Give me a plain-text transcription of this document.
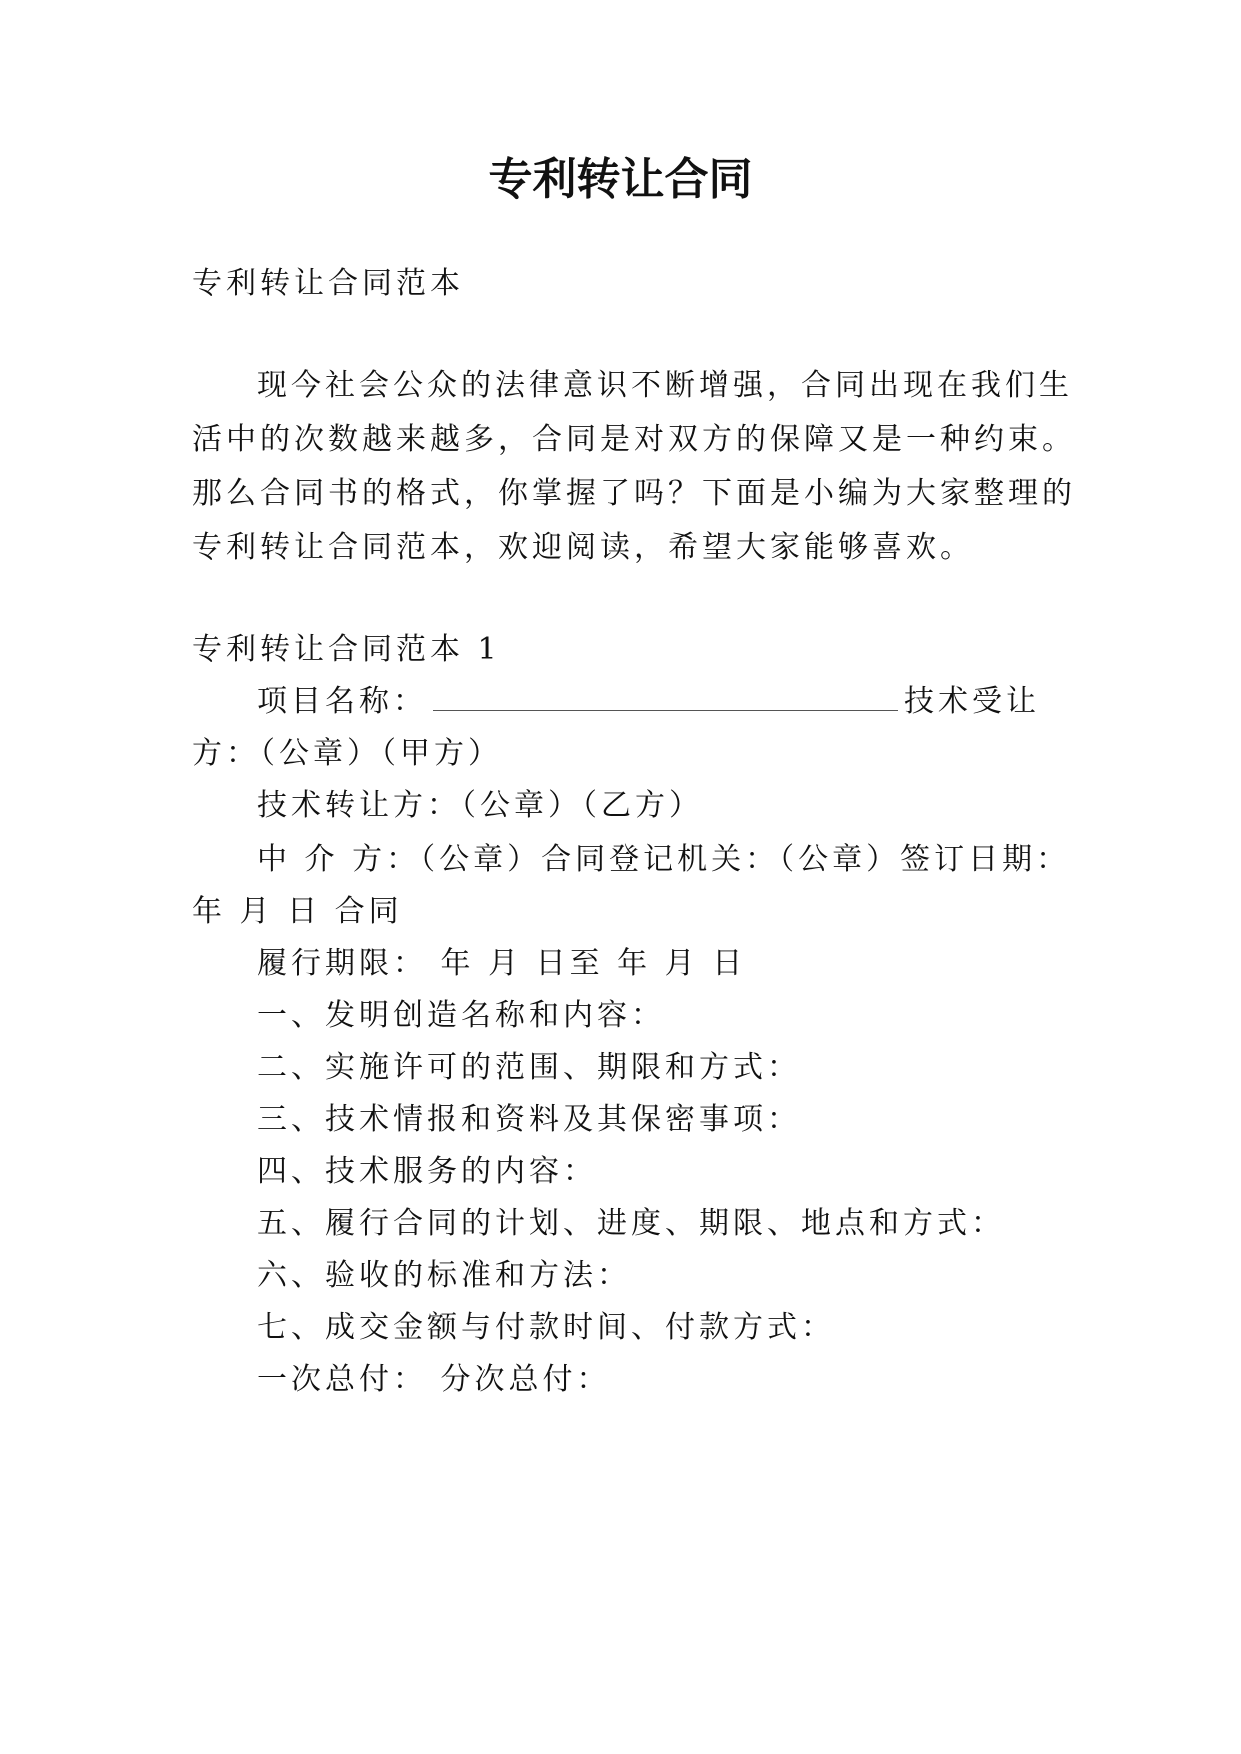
专利转让合同

专利转让合同范本

现今社会公众的法律意识不断增强，合同出现在我们生

活中的次数越来越多，合同是对双方的保障又是一种约束。

那么合同书的格式，你掌握了吗？下面是小编为大家整理的

专利转让合同范本，欢迎阅读，希望大家能够喜欢。

专利转让合同范本 1

项目名称：	技术受让

方：（公章）（甲方）

技术转让方：（公章）（乙方）

中 介 方：（公章）合同登记机关：（公章）签订日期：

年 月 日 合同

履行期限： 年 月 日至 年 月 日

一、发明创造名称和内容：

二、实施许可的范围、期限和方式：

三、技术情报和资料及其保密事项：

四、技术服务的内容：

五、履行合同的计划、进度、期限、地点和方式：

六、验收的标准和方法：

七、成交金额与付款时间、付款方式：

一次总付： 分次总付：
